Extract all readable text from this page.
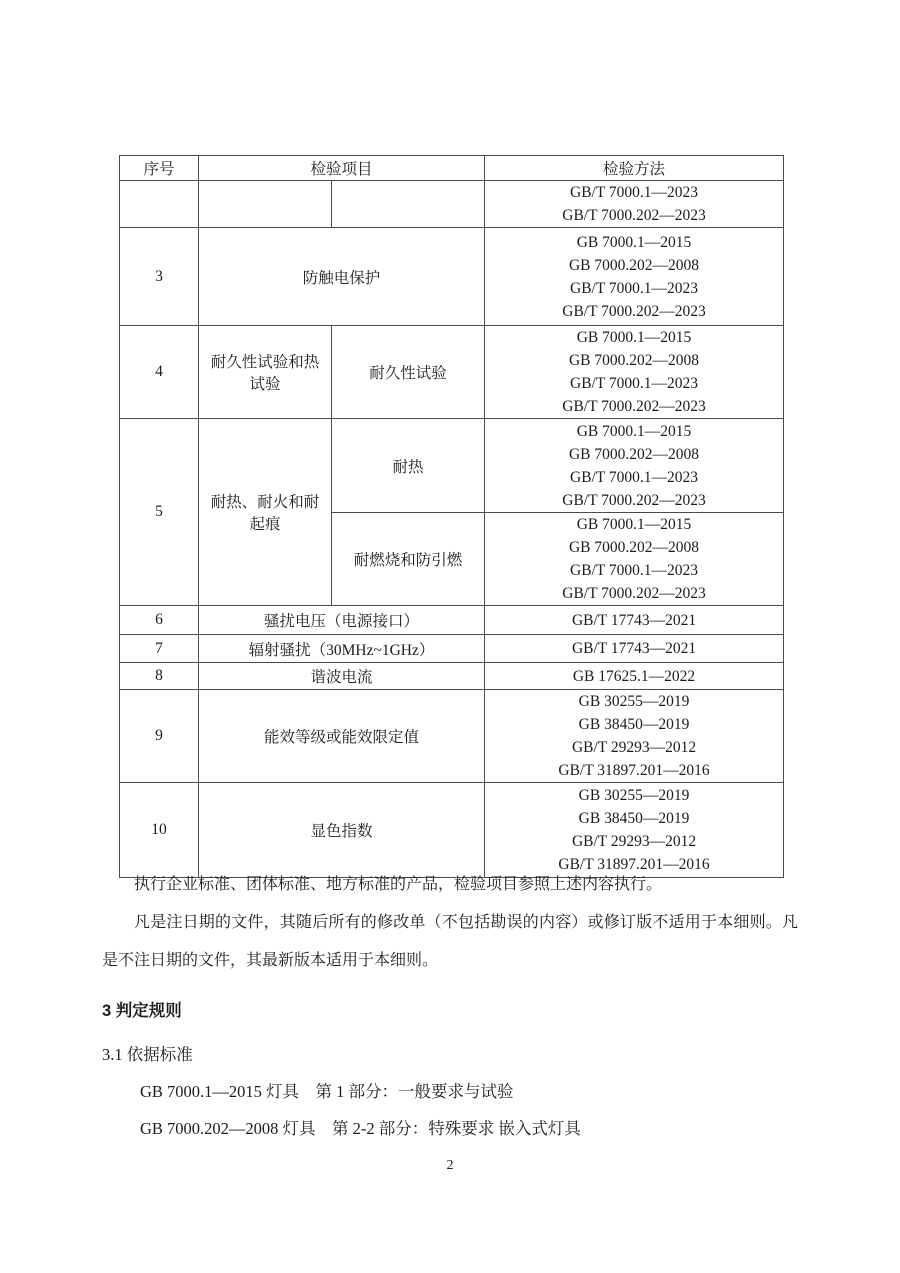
序号	检验项目		检验方法

			GB/T 7000.1—2023
GB/T 7000.202—2023

3	防触电保护		GB 7000.1—2015
GB 7000.202—2008
GB/T 7000.1—2023
GB/T 7000.202—2023

4	耐久性试验和热试验	耐久性试验	GB 7000.1—2015
GB 7000.202—2008
GB/T 7000.1—2023
GB/T 7000.202—2023

5	耐热、耐火和耐起痕	耐热	GB 7000.1—2015
GB 7000.202—2008
GB/T 7000.1—2023
GB/T 7000.202—2023

		耐燃烧和防引燃	GB 7000.1—2015
GB 7000.202—2008
GB/T 7000.1—2023
GB/T 7000.202—2023

6	骚扰电压（电源接口）		GB/T 17743—2021

7	辐射骚扰（30MHz~1GHz）		GB/T 17743—2021

8	谐波电流		GB 17625.1—2022

9	能效等级或能效限定值		GB 30255—2019
GB 38450—2019
GB/T 29293—2012
GB/T 31897.201—2016

10	显色指数		GB 30255—2019
GB 38450—2019
GB/T 29293—2012
GB/T 31897.201—2016

执行企业标准、团体标准、地方标准的产品，检验项目参照上述内容执行。

凡是注日期的文件，其随后所有的修改单（不包括勘误的内容）或修订版不适用于本细则。凡是不注日期的文件，其最新版本适用于本细则。

3 判定规则
3.1 依据标准
GB 7000.1—2015 灯具　第 1 部分：一般要求与试验
GB 7000.202—2008 灯具　第 2-2 部分：特殊要求 嵌入式灯具
2
